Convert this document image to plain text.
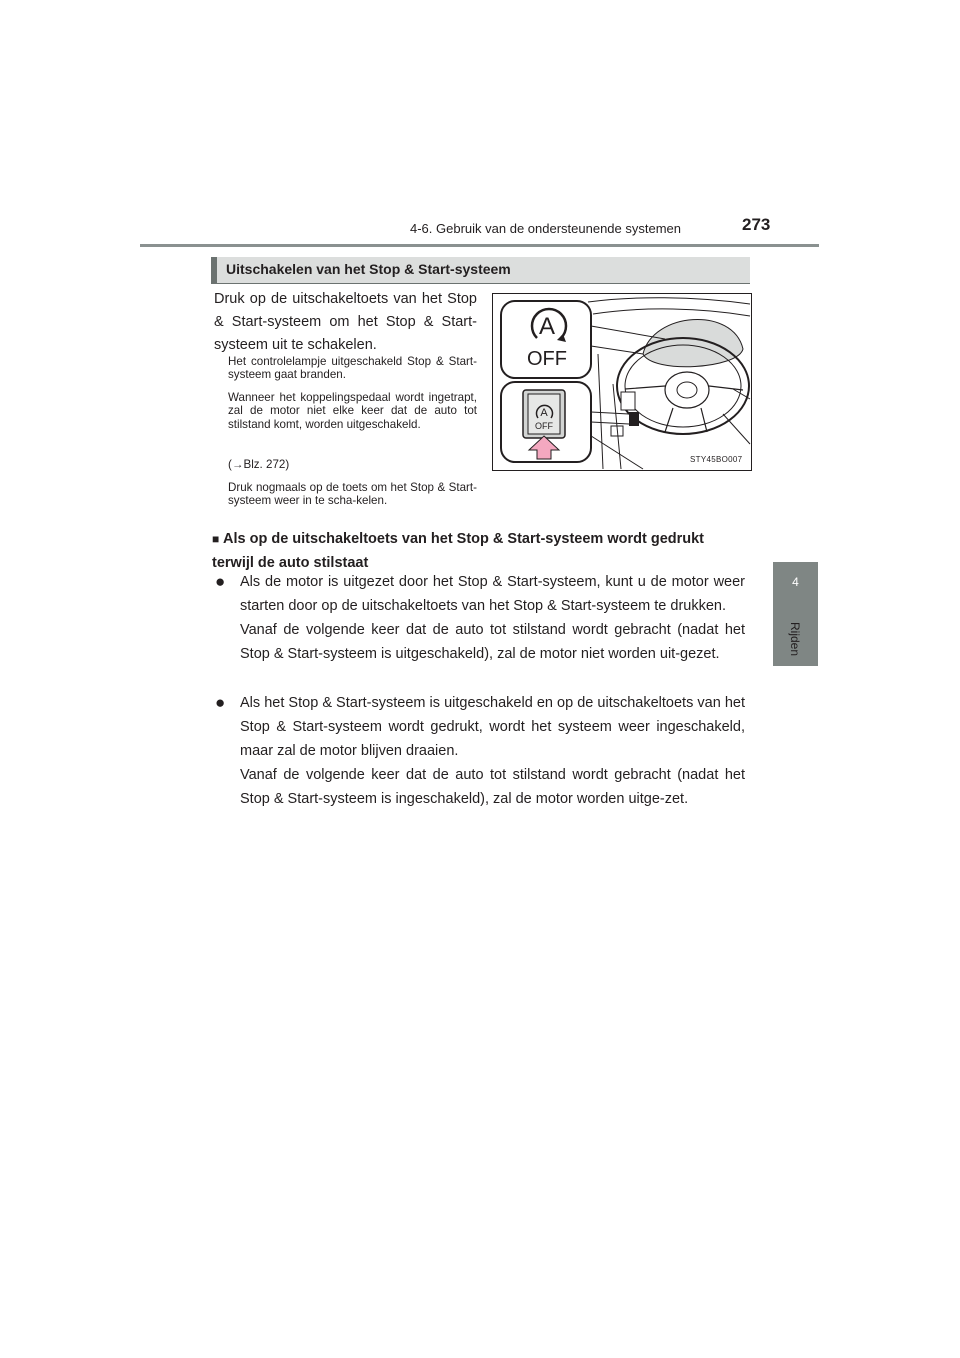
4-6. Gebruik van de ondersteunende systemen	273
4
Rijden
Uitschakelen van het Stop & Start-systeem
Druk op de uitschakeltoets van het Stop & Start-systeem om het Stop & Start-systeem uit te schakelen.
Het controlelampje uitgeschakeld Stop & Start-systeem gaat branden.
Wanneer het koppelingspedaal wordt ingetrapt, zal de motor niet elke keer dat de auto tot stilstand komt, worden uitgeschakeld.
(→Blz. 272)
Druk nogmaals op de toets om het Stop & Start-systeem weer in te scha-kelen.
A
OFF
A
OFF
STY45BO007
■ Als op de uitschakeltoets van het Stop & Start-systeem wordt gedrukt terwijl de auto stilstaat
● Als de motor is uitgezet door het Stop & Start-systeem, kunt u de motor weer starten door op de uitschakeltoets van het Stop & Start-systeem te drukken.

Vanaf de volgende keer dat de auto tot stilstand wordt gebracht (nadat het Stop & Start-systeem is uitgeschakeld), zal de motor niet worden uit-gezet.

● Als het Stop & Start-systeem is uitgeschakeld en op de uitschakeltoets van het Stop & Start-systeem wordt gedrukt, wordt het systeem weer ingeschakeld, maar zal de motor blijven draaien.

Vanaf de volgende keer dat de auto tot stilstand wordt gebracht (nadat het Stop & Start-systeem is ingeschakeld), zal de motor worden uitge-zet.
